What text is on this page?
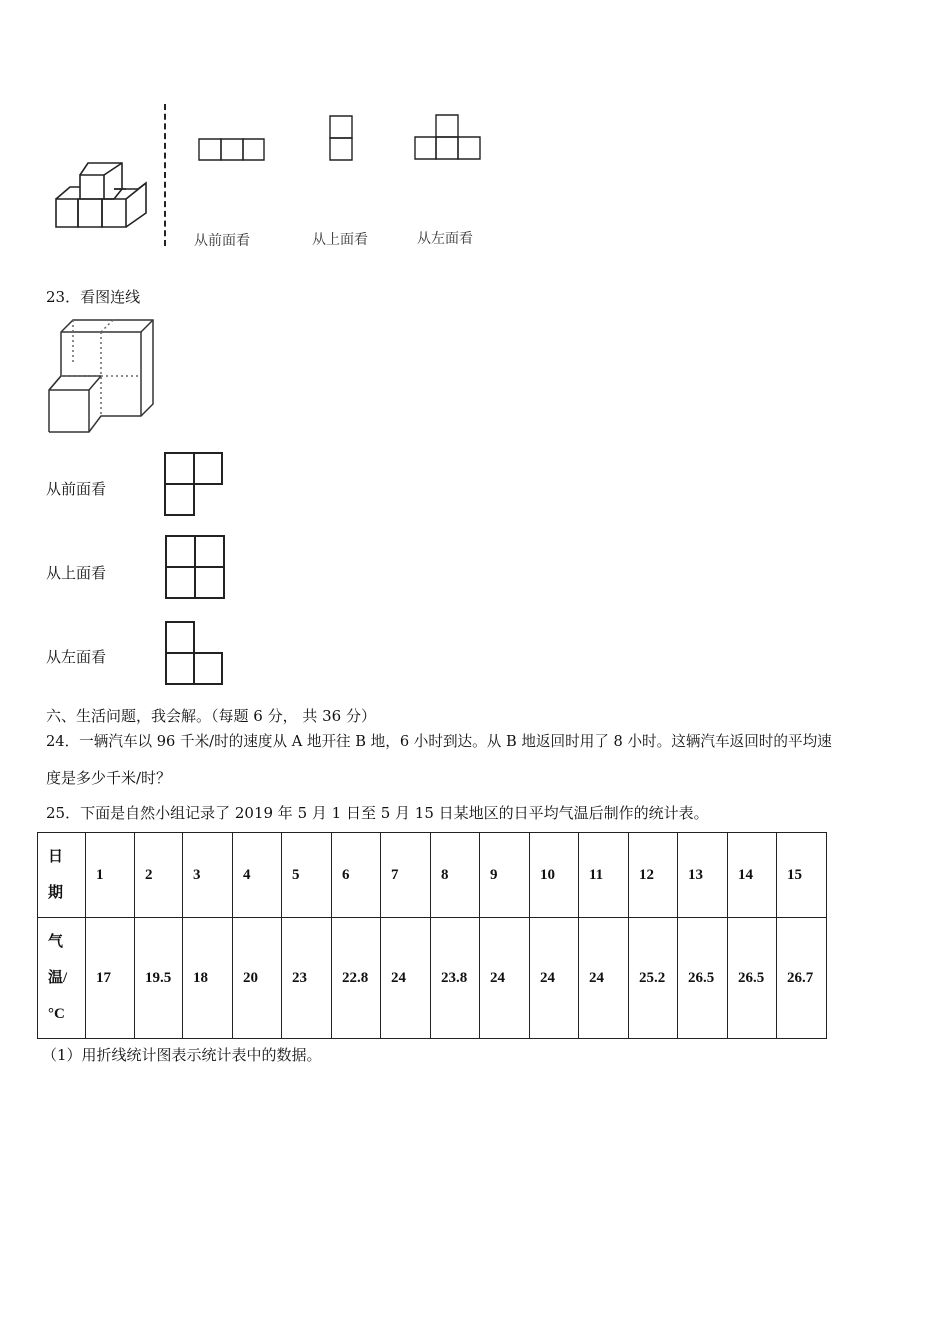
从前面看	从上面看	从左面看
23．看图连线
从前面看
从上面看
从左面看
六、生活问题，我会解。（每题 6 分， 共 36 分）
24．一辆汽车以 96 千米/时的速度从 A 地开往 B 地，6 小时到达。从 B 地返回时用了 8 小时。这辆汽车返回时的平均速
度是多少千米/时？
25．下面是自然小组记录了 2019 年 5 月 1 日至 5 月 15 日某地区的日平均气温后制作的统计表。
日
期	1	2	3	4	5	6	7	8	9	10	11	12	13	14	15

气
温/
°C	17	19.5	18	20	23	22.8	24	23.8	24	24	24	25.2	26.5	26.5	26.7
（1）用折线统计图表示统计表中的数据。
